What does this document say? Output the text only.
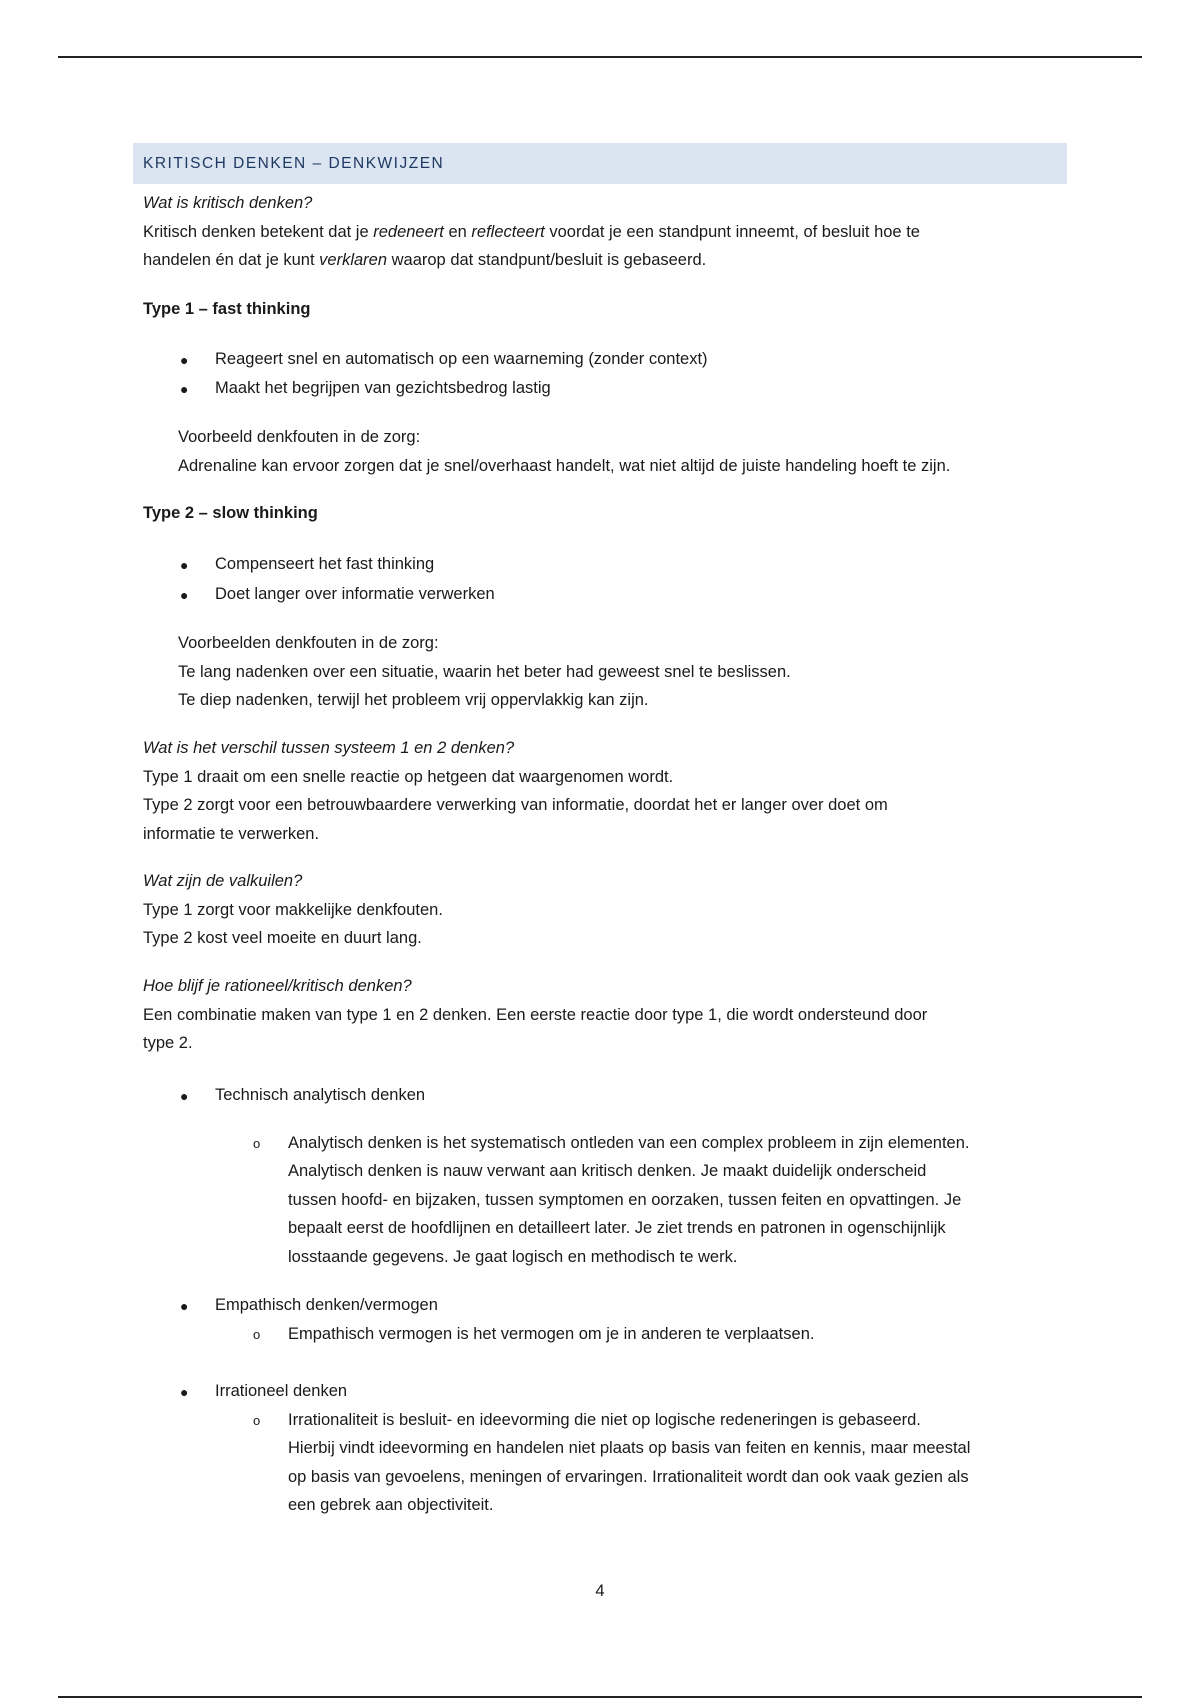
KRITISCH DENKEN – DENKWIJZEN
Wat is kritisch denken?
Kritisch denken betekent dat je redeneert en reflecteert voordat je een standpunt inneemt, of besluit hoe te
handelen én dat je kunt verklaren waarop dat standpunt/besluit is gebaseerd.
Type 1 – fast thinking
● Reageert snel en automatisch op een waarneming (zonder context)
● Maakt het begrijpen van gezichtsbedrog lastig
Voorbeeld denkfouten in de zorg:
Adrenaline kan ervoor zorgen dat je snel/overhaast handelt, wat niet altijd de juiste handeling hoeft te zijn.
Type 2 – slow thinking
● Compenseert het fast thinking
● Doet langer over informatie verwerken
Voorbeelden denkfouten in de zorg:
Te lang nadenken over een situatie, waarin het beter had geweest snel te beslissen.
Te diep nadenken, terwijl het probleem vrij oppervlakkig kan zijn.
Wat is het verschil tussen systeem 1 en 2 denken?
Type 1 draait om een snelle reactie op hetgeen dat waargenomen wordt.
Type 2 zorgt voor een betrouwbaardere verwerking van informatie, doordat het er langer over doet om
informatie te verwerken.
Wat zijn de valkuilen?
Type 1 zorgt voor makkelijke denkfouten.
Type 2 kost veel moeite en duurt lang.
Hoe blijf je rationeel/kritisch denken?
Een combinatie maken van type 1 en 2 denken. Een eerste reactie door type 1, die wordt ondersteund door
type 2.
● Technisch analytisch denken
o Analytisch denken is het systematisch ontleden van een complex probleem in zijn elementen.
Analytisch denken is nauw verwant aan kritisch denken. Je maakt duidelijk onderscheid
tussen hoofd- en bijzaken, tussen symptomen en oorzaken, tussen feiten en opvattingen. Je
bepaalt eerst de hoofdlijnen en detailleert later. Je ziet trends en patronen in ogenschijnlijk
losstaande gegevens. Je gaat logisch en methodisch te werk.
● Empathisch denken/vermogen
o Empathisch vermogen is het vermogen om je in anderen te verplaatsen.
● Irrationeel denken
o Irrationaliteit is besluit- en ideevorming die niet op logische redeneringen is gebaseerd.
Hierbij vindt ideevorming en handelen niet plaats op basis van feiten en kennis, maar meestal
op basis van gevoelens, meningen of ervaringen. Irrationaliteit wordt dan ook vaak gezien als
een gebrek aan objectiviteit.
4
